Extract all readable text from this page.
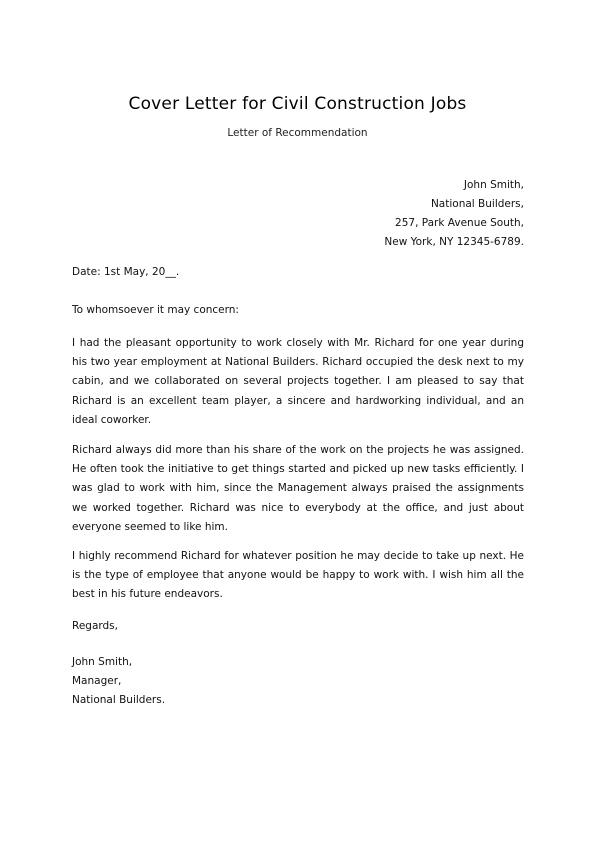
Cover Letter for Civil Construction Jobs
Letter of Recommendation
John Smith,
National Builders,
257, Park Avenue South,
New York, NY 12345-6789.
Date: 1st May, 20__.
To whomsoever it may concern:

I had the pleasant opportunity to work closely with Mr. Richard for one year during his two year employment at National Builders. Richard occupied the desk next to my cabin, and we collaborated on several projects together. I am pleased to say that Richard is an excellent team player, a sincere and hardworking individual, and an ideal coworker.

Richard always did more than his share of the work on the projects he was assigned. He often took the initiative to get things started and picked up new tasks efficiently. I was glad to work with him, since the Management always praised the assignments we worked together. Richard was nice to everybody at the office, and just about everyone seemed to like him.

I highly recommend Richard for whatever position he may decide to take up next. He is the type of employee that anyone would be happy to work with. I wish him all the best in his future endeavors.

Regards,
John Smith,
Manager,
National Builders.
